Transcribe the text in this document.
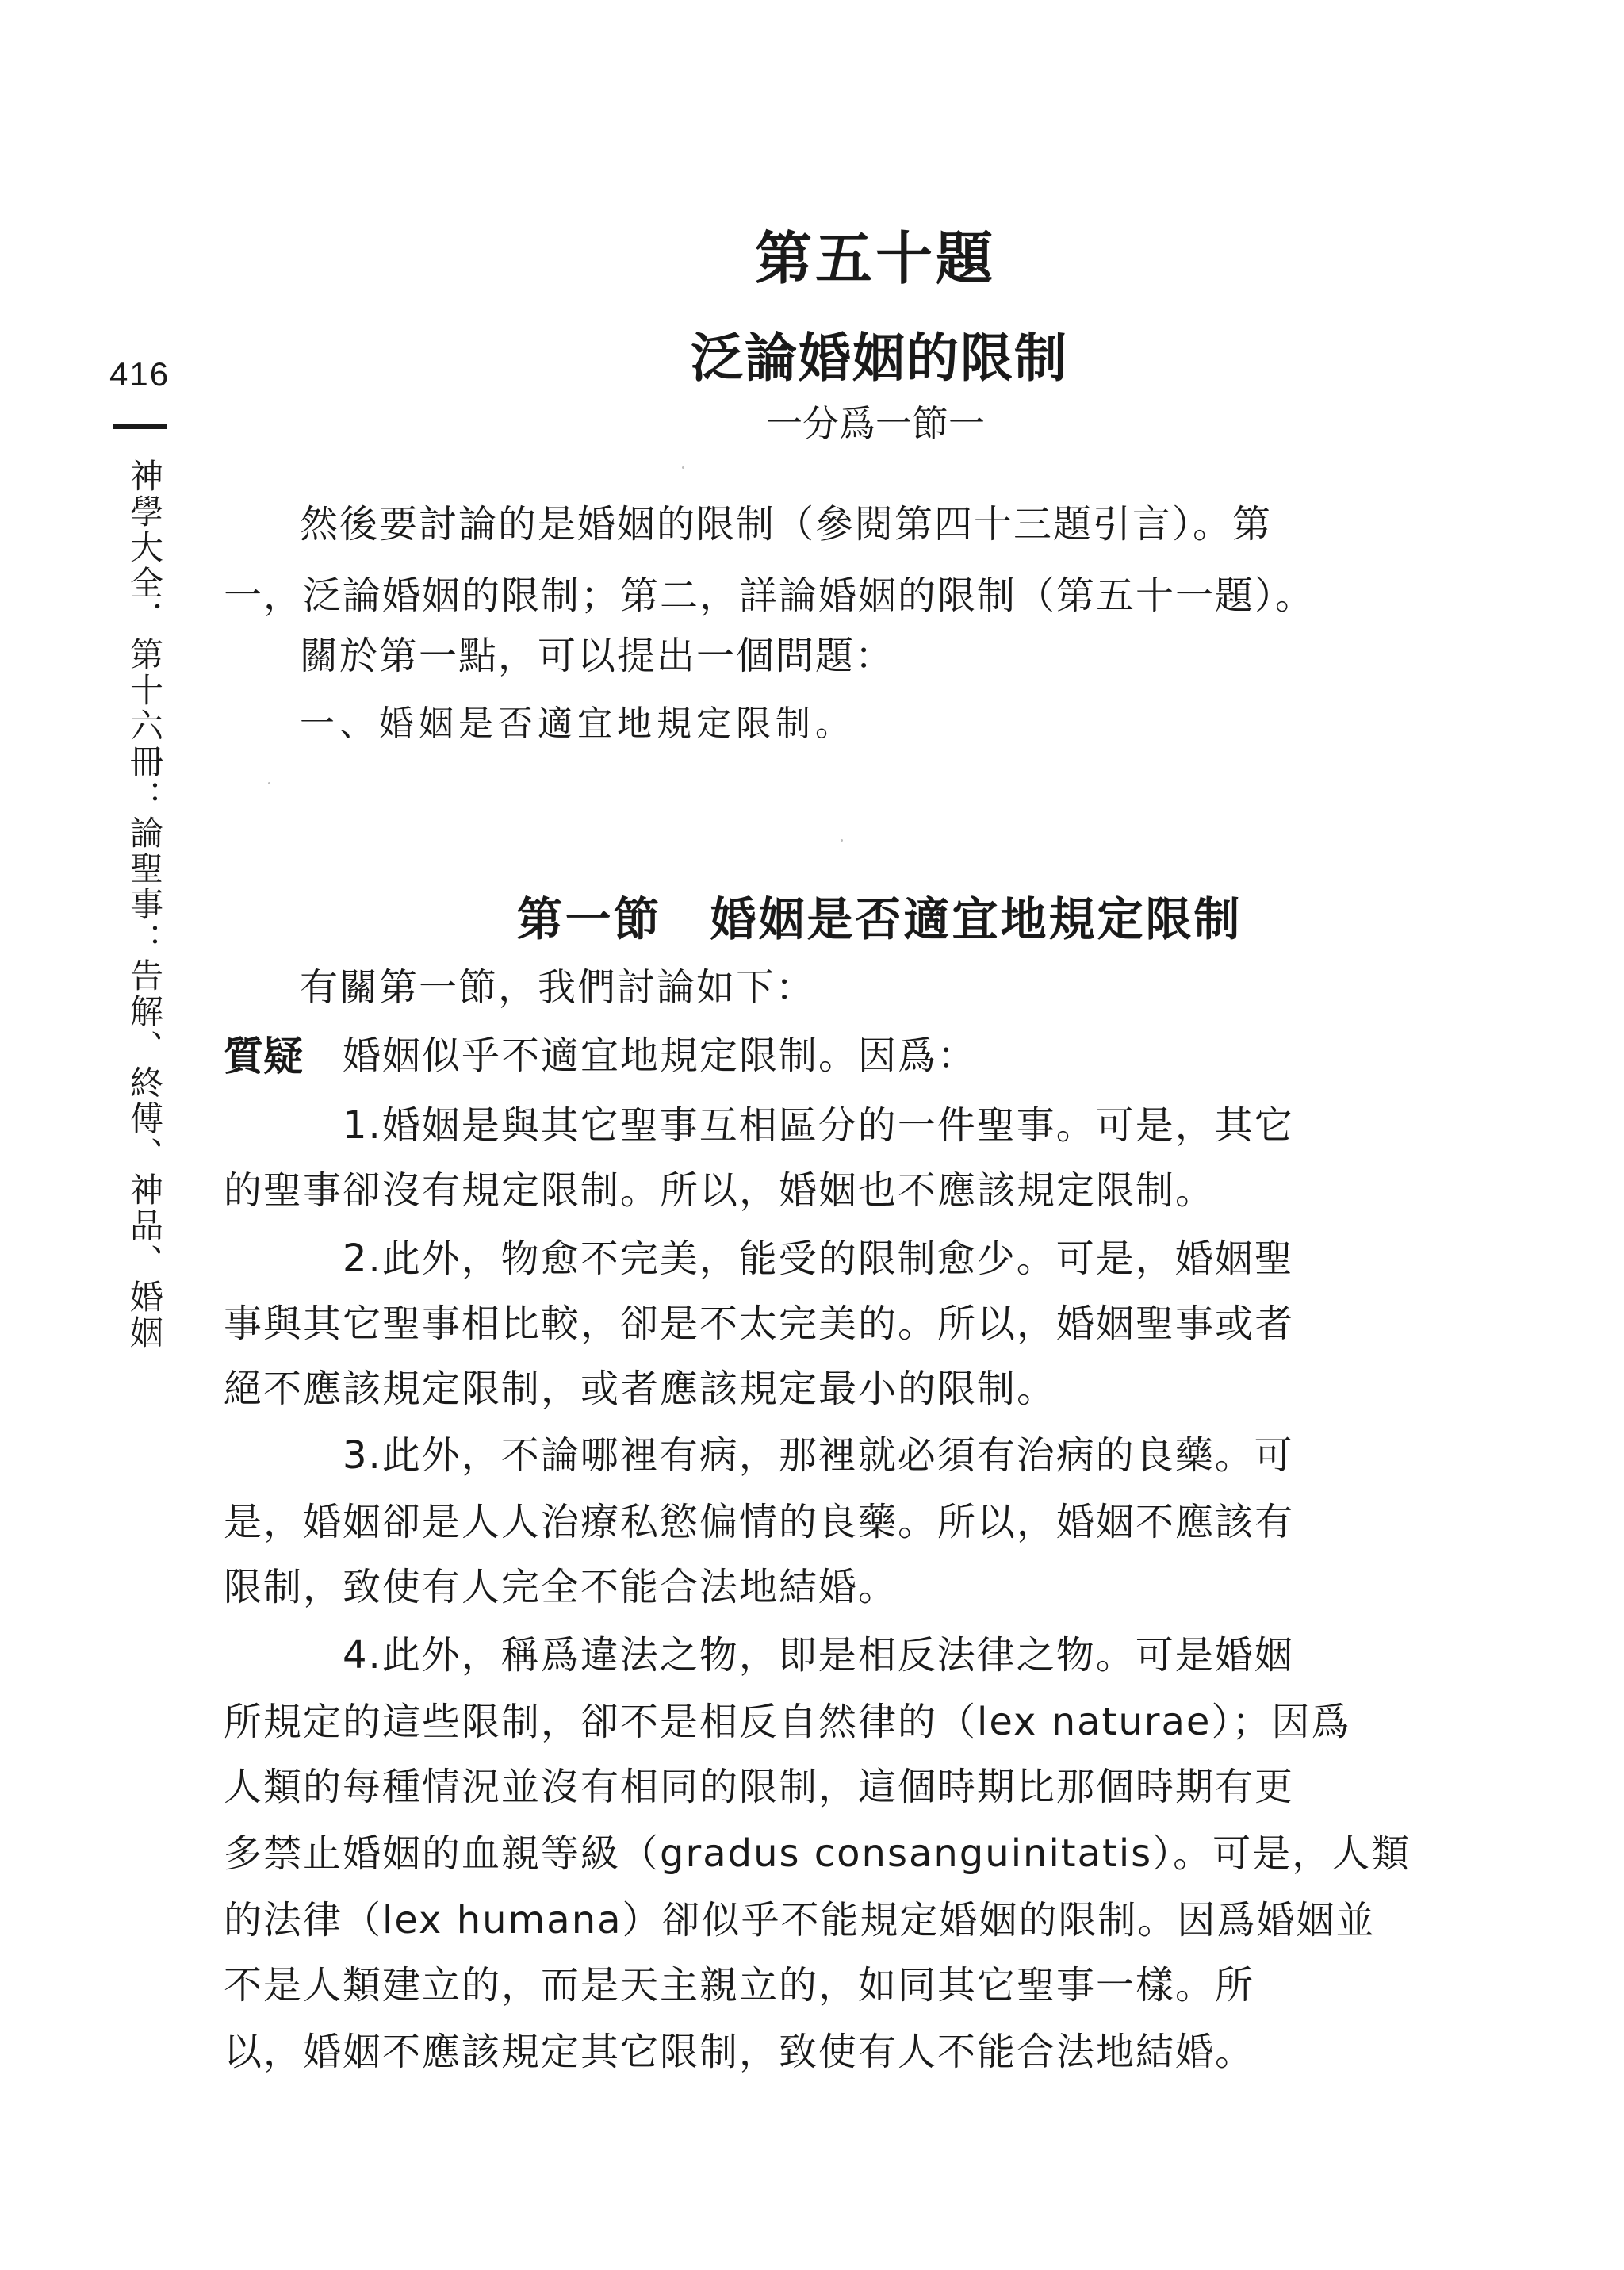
416
神學大全．第十六冊：論聖事：告解、終傅、神品、婚姻
第五十題
泛論婚姻的限制
一分爲一節一
然後要討論的是婚姻的限制（參閱第四十三題引言）。第
一，泛論婚姻的限制；第二，詳論婚姻的限制（第五十一題）。
關於第一點，可以提出一個問題：
一、婚姻是否適宜地規定限制。
第一節　婚姻是否適宜地規定限制
有關第一節，我們討論如下：
質疑 婚姻似乎不適宜地規定限制。因爲：
1.婚姻是與其它聖事互相區分的一件聖事。可是，其它
的聖事卻沒有規定限制。所以，婚姻也不應該規定限制。
2.此外，物愈不完美，能受的限制愈少。可是，婚姻聖
事與其它聖事相比較，卻是不太完美的。所以，婚姻聖事或者
絕不應該規定限制，或者應該規定最小的限制。
3.此外，不論哪裡有病，那裡就必須有治病的良藥。可
是，婚姻卻是人人治療私慾偏情的良藥。所以，婚姻不應該有
限制，致使有人完全不能合法地結婚。
4.此外，稱爲違法之物，即是相反法律之物。可是婚姻
所規定的這些限制，卻不是相反自然律的（lex naturae）；因爲
人類的每種情況並沒有相同的限制，這個時期比那個時期有更
多禁止婚姻的血親等級（gradus consanguinitatis）。可是，人類
的法律（lex humana）卻似乎不能規定婚姻的限制。因爲婚姻並
不是人類建立的，而是天主親立的，如同其它聖事一樣。所
以，婚姻不應該規定其它限制，致使有人不能合法地結婚。
